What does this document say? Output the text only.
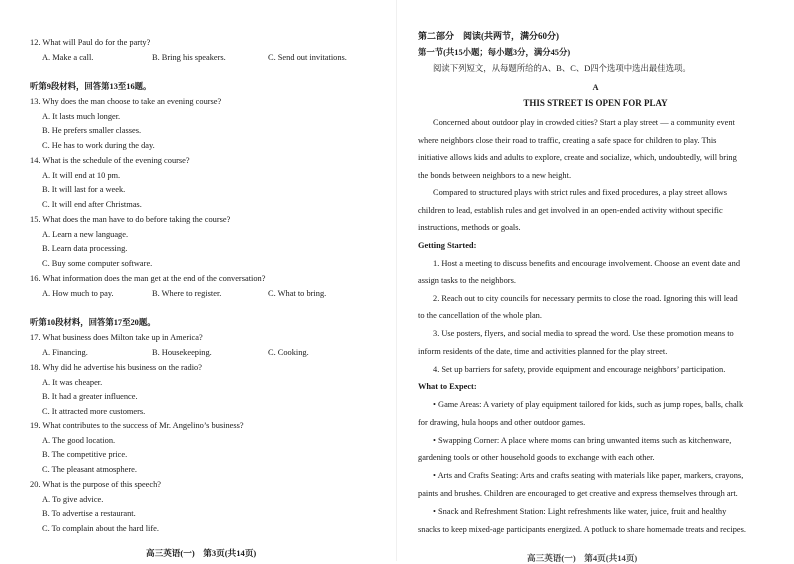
12. What will Paul do for the party?
A. Make a call.	B. Bring his speakers.	C. Send out invitations.
听第9段材料，回答第13至16题。
13. Why does the man choose to take an evening course?
A. It lasts much longer.
B. He prefers smaller classes.
C. He has to work during the day.
14. What is the schedule of the evening course?
A. It will end at 10 pm.
B. It will last for a week.
C. It will end after Christmas.
15. What does the man have to do before taking the course?
A. Learn a new language.
B. Learn data processing.
C. Buy some computer software.
16. What information does the man get at the end of the conversation?
A. How much to pay.	B. Where to register.	C. What to bring.
听第10段材料，回答第17至20题。
17. What business does Milton take up in America?
A. Financing.	B. Housekeeping.	C. Cooking.
18. Why did he advertise his business on the radio?
A. It was cheaper.
B. It had a greater influence.
C. It attracted more customers.
19. What contributes to the success of Mr. Angelino’s business?
A. The good location.
B. The competitive price.
C. The pleasant atmosphere.
20. What is the purpose of this speech?
A. To give advice.
B. To advertise a restaurant.
C. To complain about the hard life.
高三英语(一)　第3页(共14页)
第二部分　阅读(共两节，满分60分)
第一节(共15小题；每小题3分，满分45分)
阅读下列短文，从每题所给的A、B、C、D四个选项中选出最佳选项。
A
THIS STREET IS OPEN FOR PLAY
Concerned about outdoor play in crowded cities? Start a play street — a community event
where neighbors close their road to traffic, creating a safe space for children to play. This
initiative allows kids and adults to explore, create and socialize, which, undoubtedly, will bring
the bonds between neighbors to a new height.
Compared to structured plays with strict rules and fixed procedures, a play street allows
children to lead, establish rules and get involved in an open-ended activity without specific
instructions, methods or goals.
Getting Started:
1. Host a meeting to discuss benefits and encourage involvement. Choose an event date and
assign tasks to the neighbors.
2. Reach out to city councils for necessary permits to close the road. Ignoring this will lead
to the cancellation of the whole plan.
3. Use posters, flyers, and social media to spread the word. Use these promotion means to
inform residents of the date, time and activities planned for the play street.
4. Set up barriers for safety, provide equipment and encourage neighbors’ participation.
What to Expect:
• Game Areas: A variety of play equipment tailored for kids, such as jump ropes, balls, chalk
for drawing, hula hoops and other outdoor games.
• Swapping Corner: A place where moms can bring unwanted items such as kitchenware,
gardening tools or other household goods to exchange with each other.
• Arts and Crafts Seating: Arts and crafts seating with materials like paper, markers, crayons,
paints and brushes. Children are encouraged to get creative and express themselves through art.
• Snack and Refreshment Station: Light refreshments like water, juice, fruit and healthy
snacks to keep mixed-age participants energized. A potluck to share homemade treats and recipes.
高三英语(一)　第4页(共14页)
